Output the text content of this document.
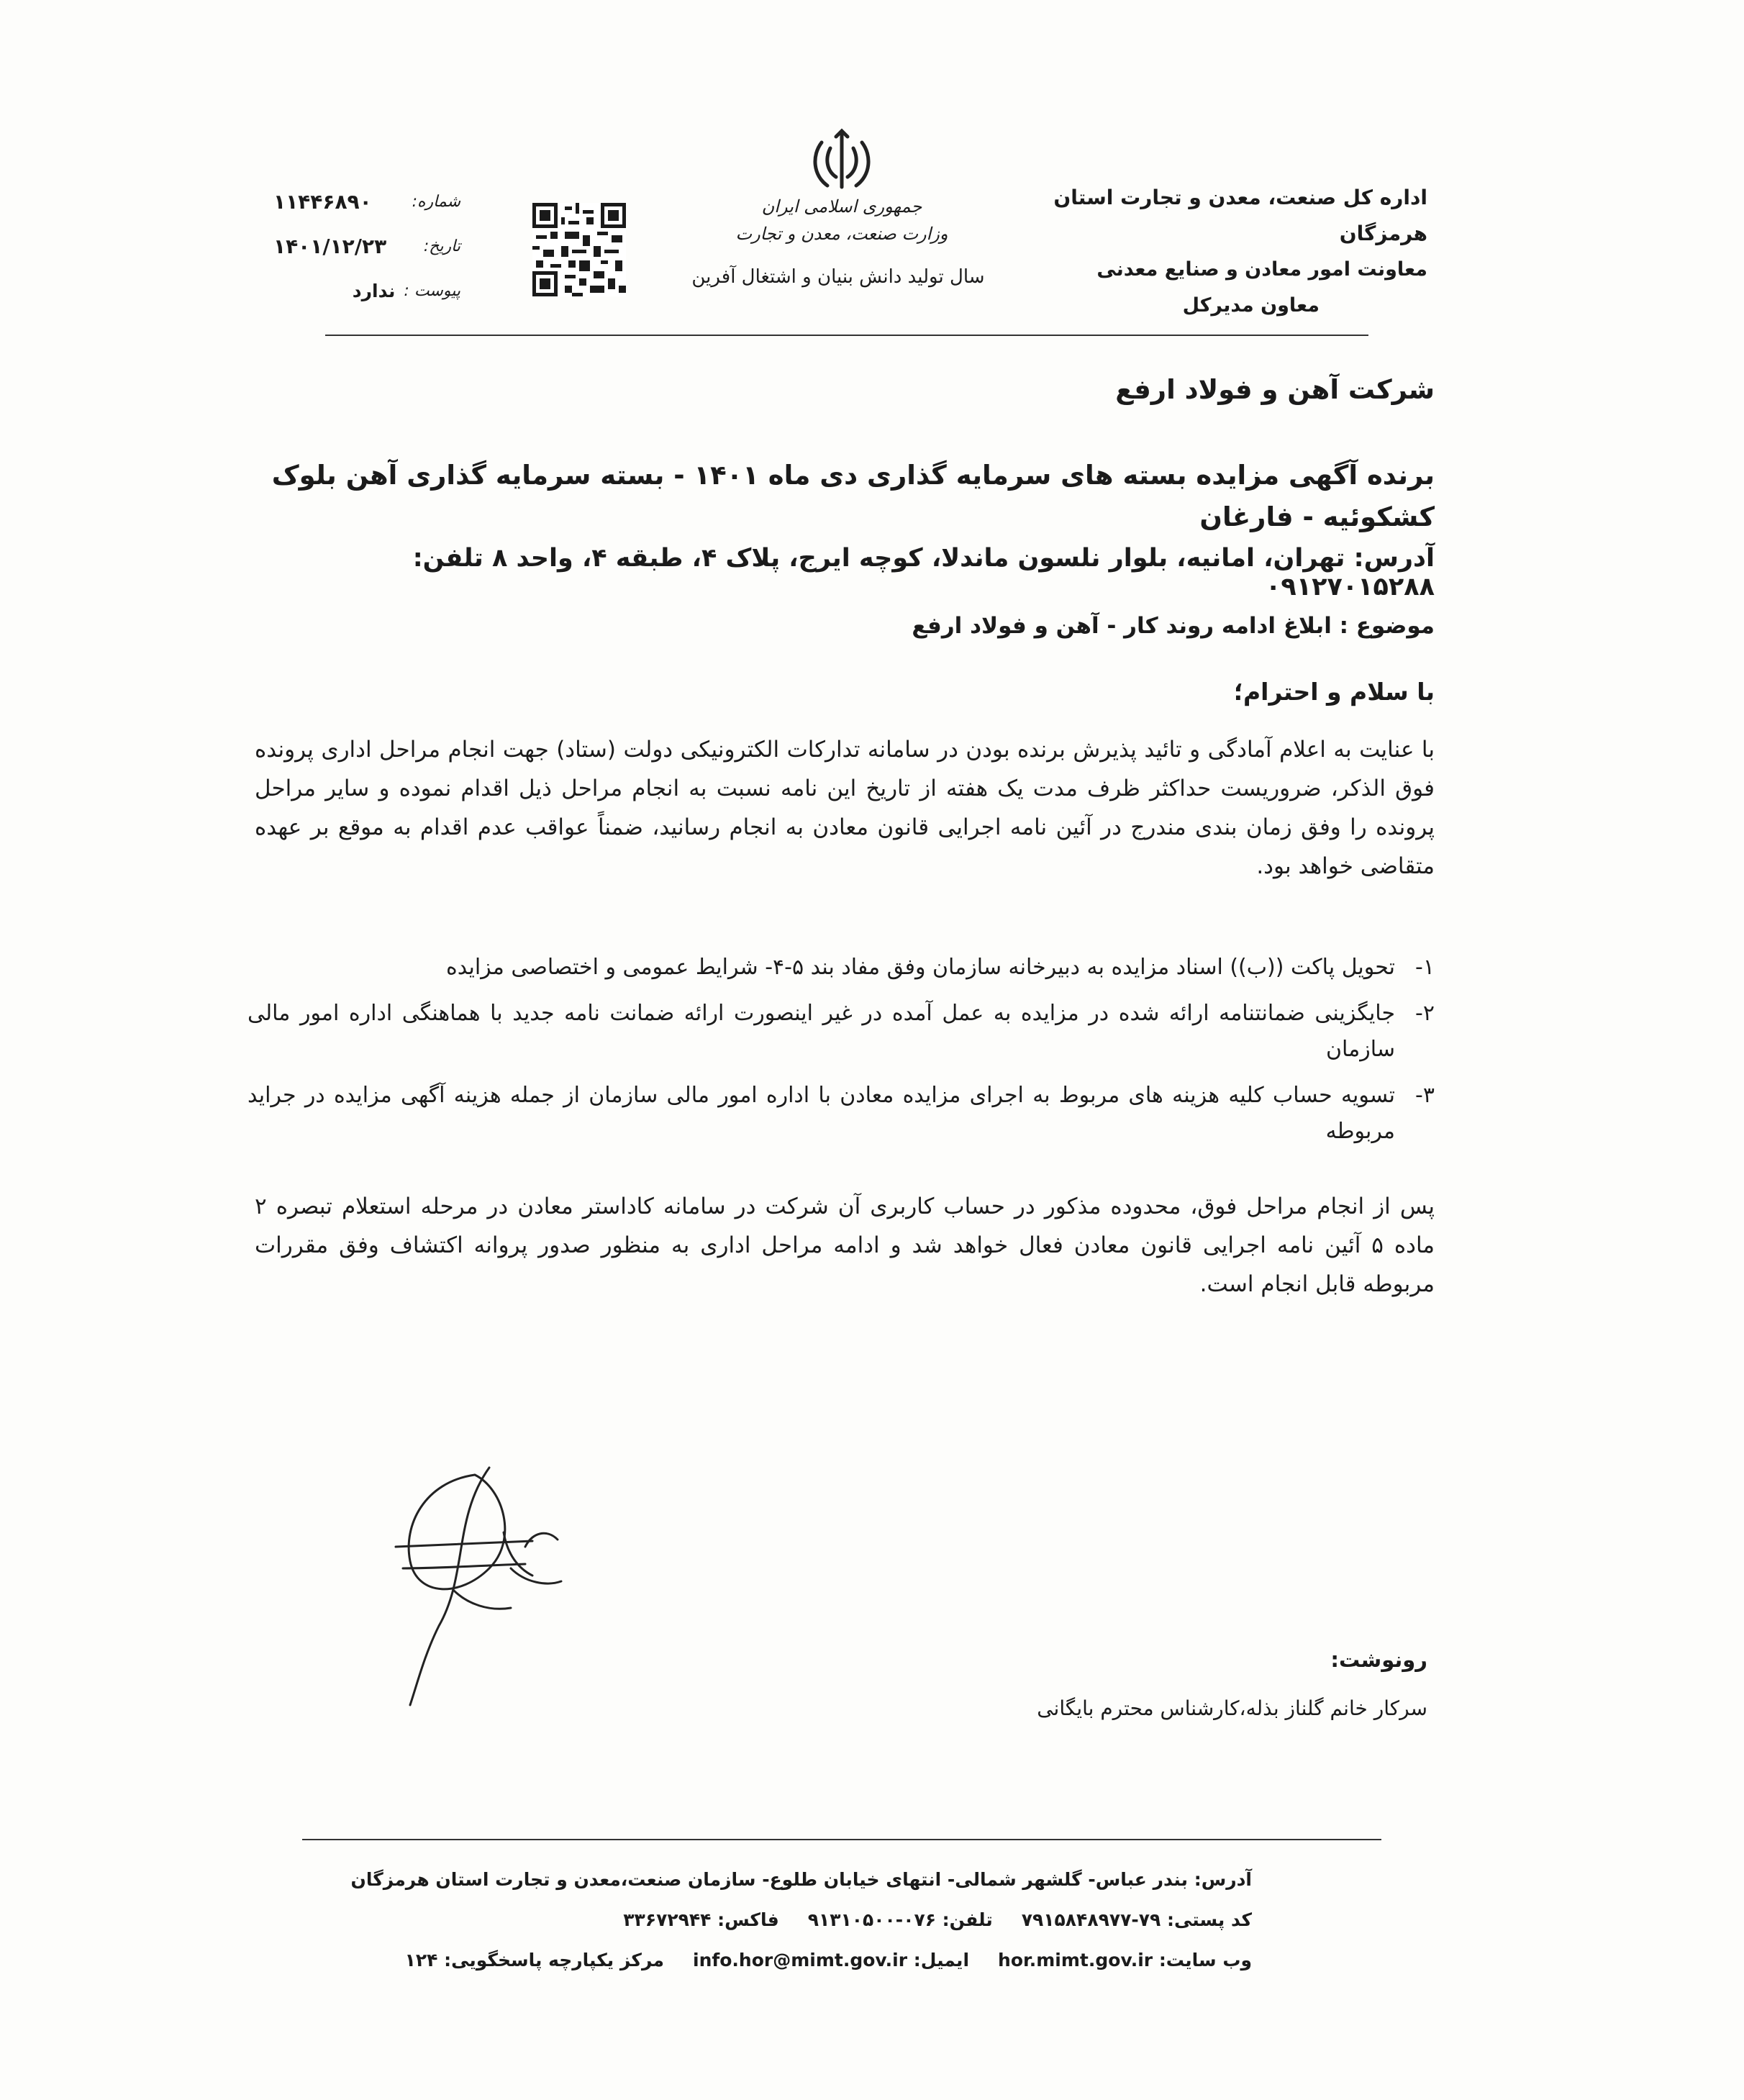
اداره کل صنعت، معدن و تجارت استان هرمزگان
معاونت امور معادن و صنایع معدنی
معاون مدیرکل
جمهوری اسلامی ایران
وزارت صنعت، معدن و تجارت
سال تولید دانش بنیان و اشتغال آفرین
شماره:
۱۱۴۴۶۸۹۰
تاریخ:
۱۴۰۱/۱۲/۲۳
پیوست :
ندارد
شرکت آهن و فولاد ارفع
برنده آگهی مزایده بسته های سرمایه گذاری دی ماه ۱۴۰۱ - بسته سرمایه گذاری آهن بلوک کشکوئیه - فارغان
آدرس: تهران، امانیه، بلوار نلسون ماندلا، کوچه ایرج، پلاک ۴، طبقه ۴، واحد ۸ تلفن: ۰۹۱۲۷۰۱۵۲۸۸
موضوع : ابلاغ ادامه روند کار - آهن و فولاد ارفع
با سلام و احترام؛
با عنایت به اعلام آمادگی و تائید پذیرش برنده بودن در سامانه تدارکات الکترونیکی دولت (ستاد) جهت انجام مراحل اداری پرونده فوق الذکر، ضروریست حداکثر ظرف مدت یک هفته از تاریخ این نامه نسبت به انجام مراحل ذیل اقدام نموده و سایر مراحل پرونده را وفق زمان بندی مندرج در آئین نامه اجرایی قانون معادن به انجام رسانید، ضمناً عواقب عدم اقدام به موقع بر عهده متقاضی خواهد بود.
۱-
تحویل پاکت ((ب)) اسناد مزایده به دبیرخانه سازمان وفق مفاد بند ۵-۴- شرایط عمومی و اختصاصی مزایده
۲-
جایگزینی ضمانتنامه ارائه شده در مزایده به عمل آمده در غیر اینصورت ارائه ضمانت نامه جدید با هماهنگی اداره امور مالی سازمان
۳-
تسویه حساب کلیه هزینه های مربوط به اجرای مزایده معادن با اداره امور مالی سازمان از جمله هزینه آگهی مزایده در جراید مربوطه
پس از انجام مراحل فوق، محدوده مذکور در حساب کاربری آن شرکت در سامانه کاداستر معادن در مرحله استعلام تبصره ۲ ماده ۵ آئین نامه اجرایی قانون معادن فعال خواهد شد و ادامه مراحل اداری به منظور صدور پروانه اکتشاف وفق مقررات مربوطه قابل انجام است.
رونوشت:
سرکار خانم گلناز بذله،کارشناس محترم بایگانی
آدرس: بندر عباس- گلشهر شمالی- انتهای خیابان طلوع- سازمان صنعت،معدن و تجارت استان هرمزگان
کد پستی: ۷۹-۷۹۱۵۸۴۸۹۷۷
تلفن: ۰۷۶-۹۱۳۱۰۵۰۰
فاکس: ۳۳۶۷۲۹۴۴
وب سایت: hor.mimt.gov.ir
ایمیل: info.hor@mimt.gov.ir
مرکز یکپارچه پاسخگویی: ۱۲۴
